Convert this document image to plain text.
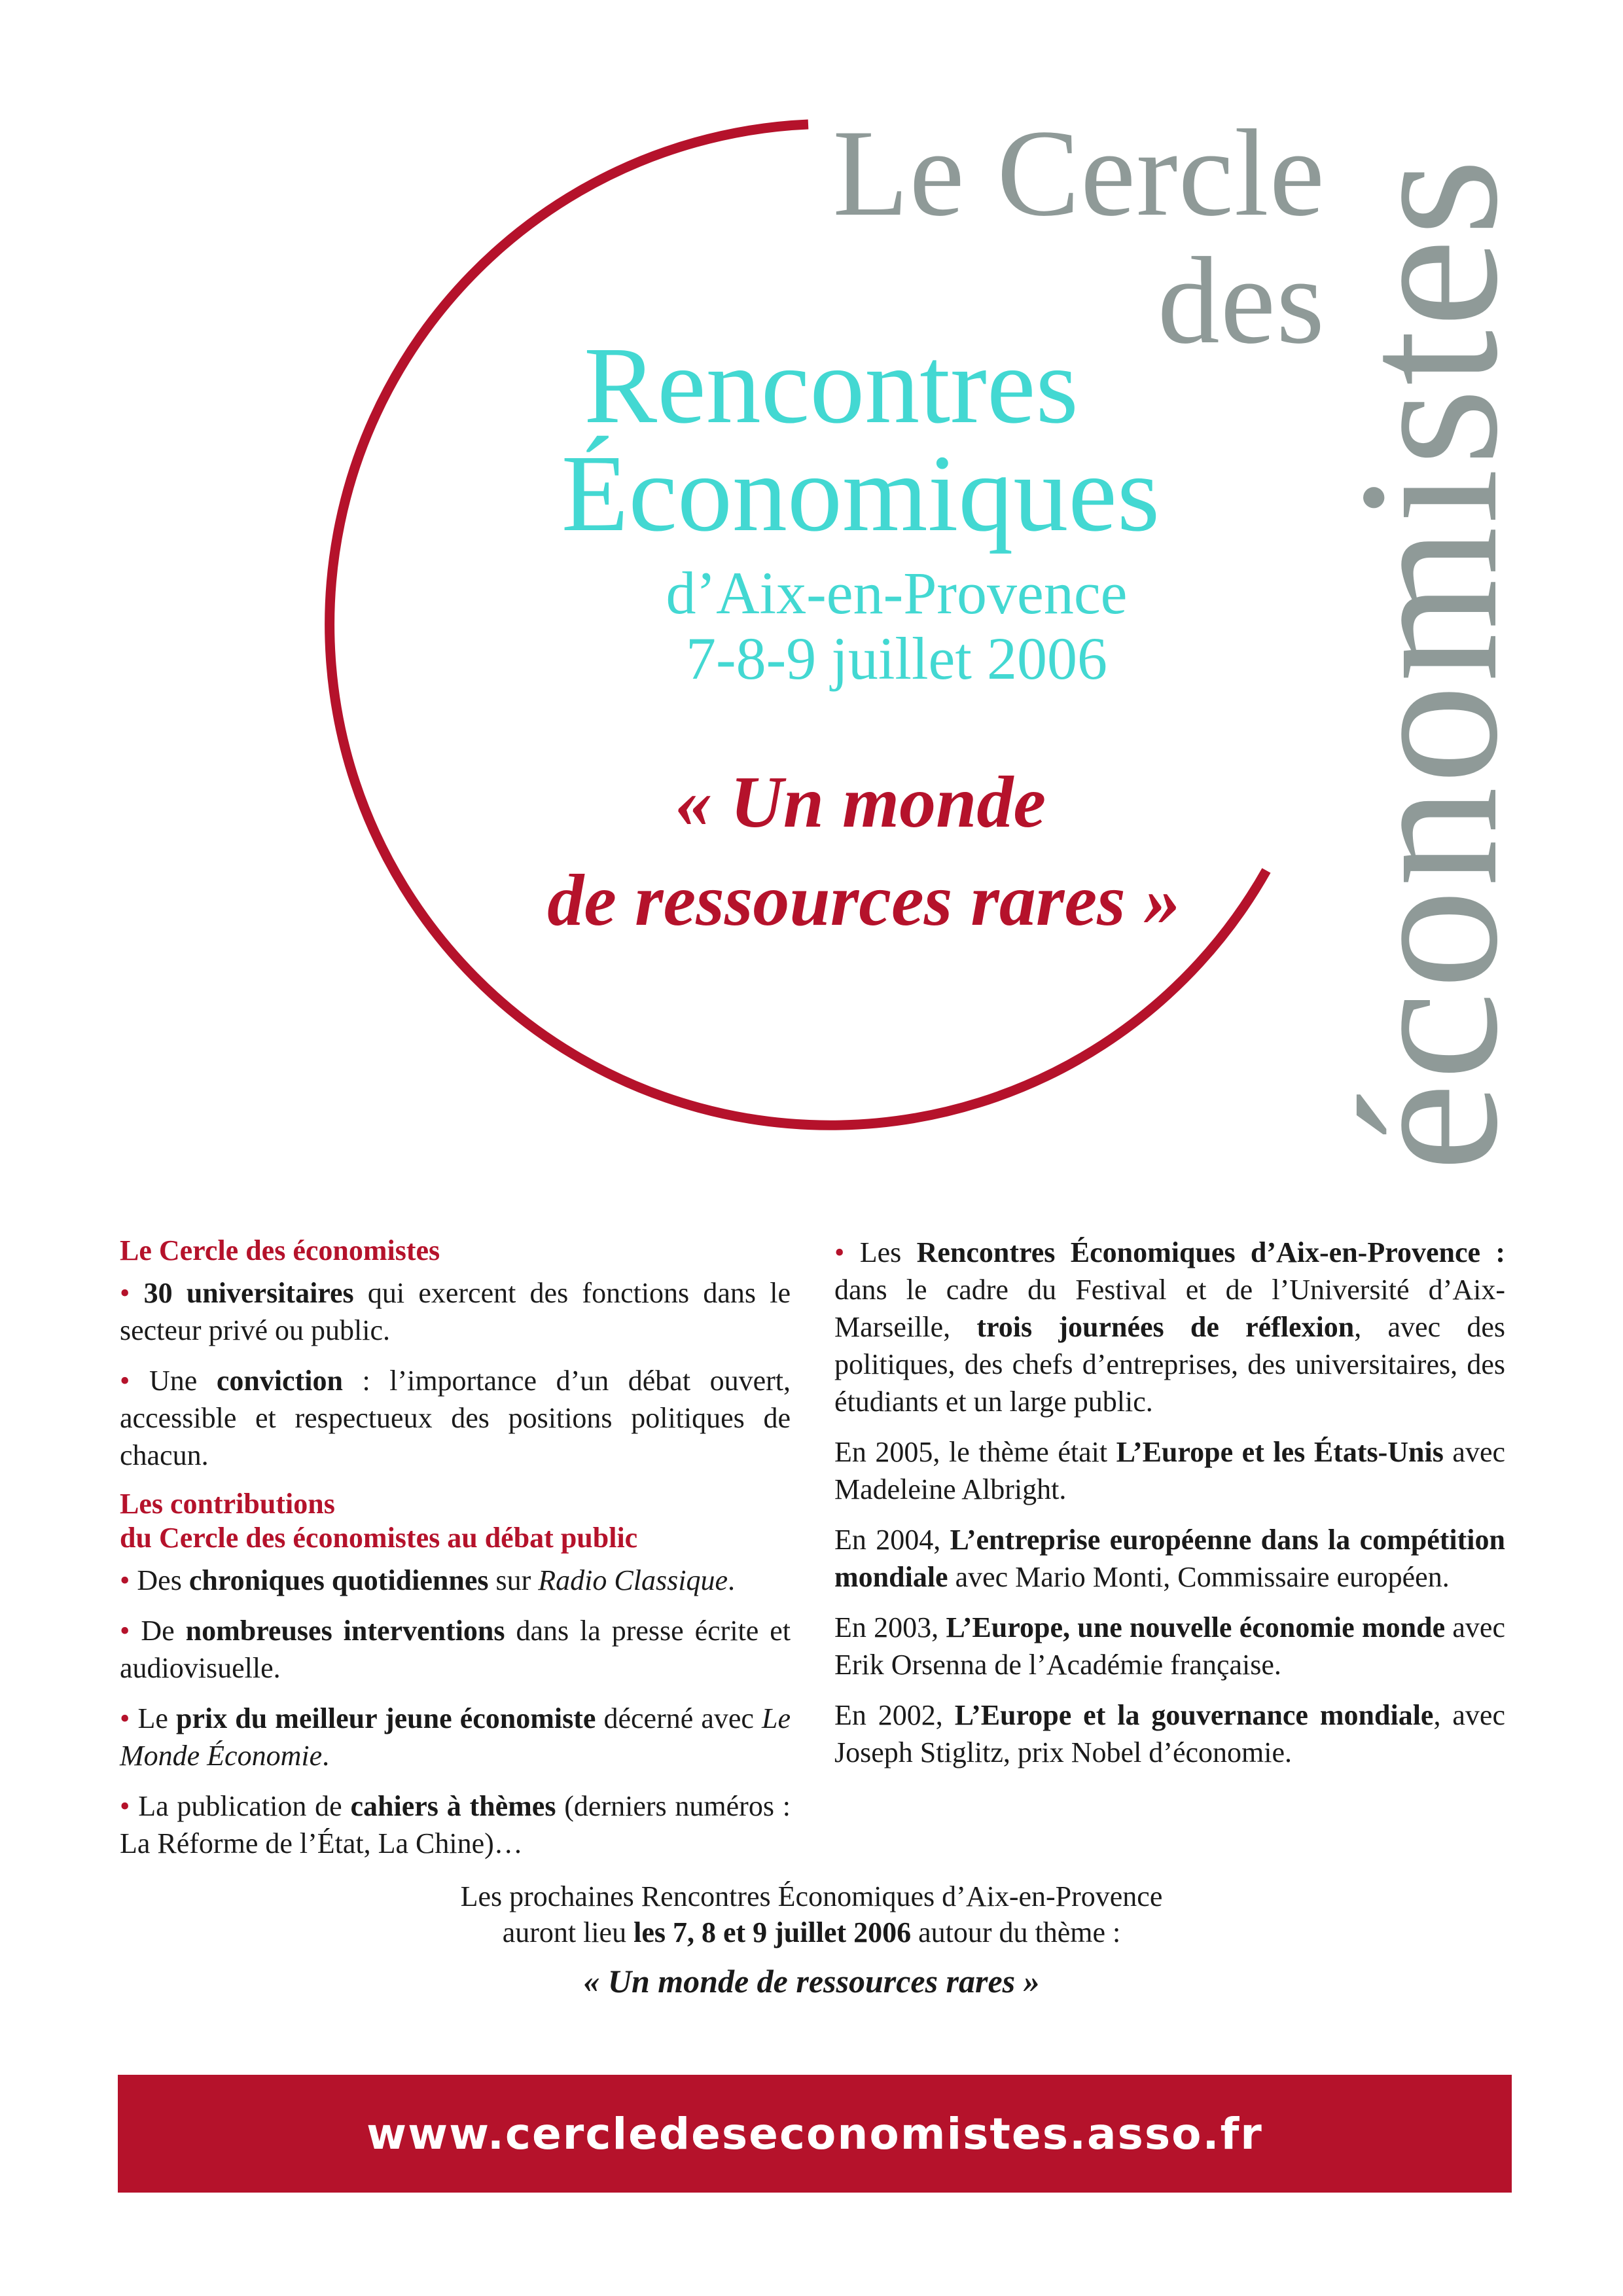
Le Cercle
des
économistes
Rencontres
Économiques
d’Aix-en-Provence
7-8-9 juillet 2006
« Un monde
de ressources rares »
Le Cercle des économistes

• 30 universitaires qui exercent des fonctions dans le secteur privé ou public.

• Une conviction : l’importance d’un débat ouvert, accessible et respectueux des positions politiques de chacun.

Les contributions
du Cercle des économistes au débat public

• Des chroniques quotidiennes sur Radio Classique.

• De nombreuses interventions dans la presse écrite et audiovisuelle.

• Le prix du meilleur jeune économiste décerné avec Le Monde Économie.

• La publication de cahiers à thèmes (derniers numéros : La Réforme de l’État, La Chine)…

• Les Rencontres Économiques d’Aix-en-Provence : dans le cadre du Festival et de l’Université d’Aix-Marseille, trois journées de réflexion, avec des politiques, des chefs d’entreprises, des universitaires, des étudiants et un large public.

En 2005, le thème était L’Europe et les États-Unis avec Madeleine Albright.

En 2004, L’entreprise européenne dans la compétition mondiale avec Mario Monti, Commissaire européen.

En 2003, L’Europe, une nouvelle économie monde avec Erik Orsenna de l’Académie française.

En 2002, L’Europe et la gouvernance mondiale, avec Joseph Stiglitz, prix Nobel d’économie.

Les prochaines Rencontres Économiques d’Aix-en-Provence
auront lieu les 7, 8 et 9 juillet 2006 autour du thème :
« Un monde de ressources rares »
www.cercledeseconomistes.asso.fr
